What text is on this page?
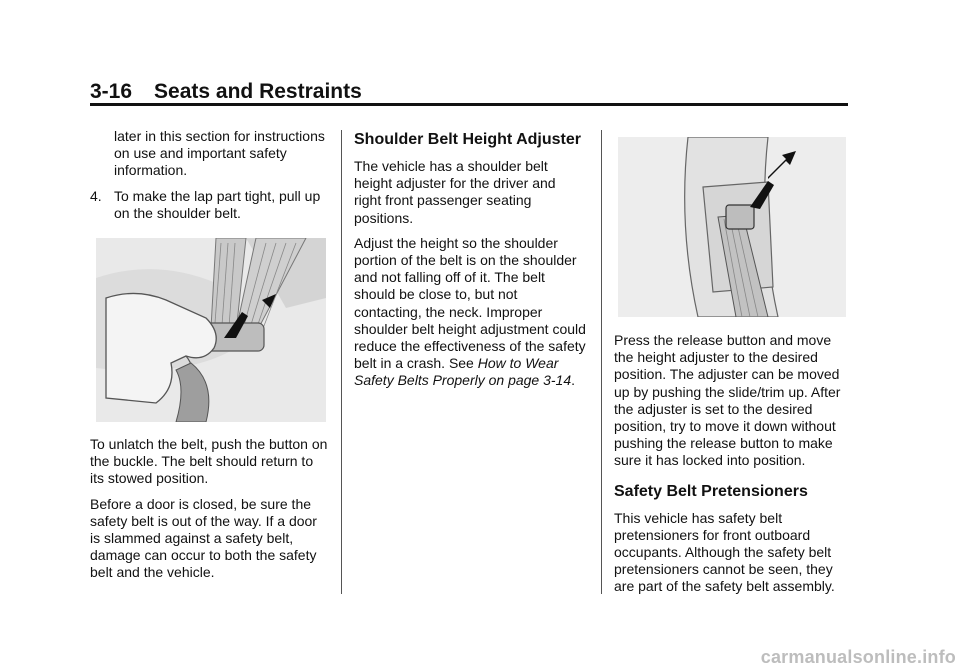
3-16 Seats and Restraints

later in this section for instructions on use and important safety information.

4. To make the lap part tight, pull up on the shoulder belt.

To unlatch the belt, push the button on the buckle. The belt should return to its stowed position.

Before a door is closed, be sure the safety belt is out of the way. If a door is slammed against a safety belt, damage can occur to both the safety belt and the vehicle.

Shoulder Belt Height Adjuster

The vehicle has a shoulder belt height adjuster for the driver and right front passenger seating positions.

Adjust the height so the shoulder portion of the belt is on the shoulder and not falling off of it. The belt should be close to, but not contacting, the neck. Improper shoulder belt height adjustment could reduce the effectiveness of the safety belt in a crash. See How to Wear Safety Belts Properly on page 3-14.

Press the release button and move the height adjuster to the desired position. The adjuster can be moved up by pushing the slide/trim up. After the adjuster is set to the desired position, try to move it down without pushing the release button to make sure it has locked into position.

Safety Belt Pretensioners

This vehicle has safety belt pretensioners for front outboard occupants. Although the safety belt pretensioners cannot be seen, they are part of the safety belt assembly.

carmanualsonline.info
